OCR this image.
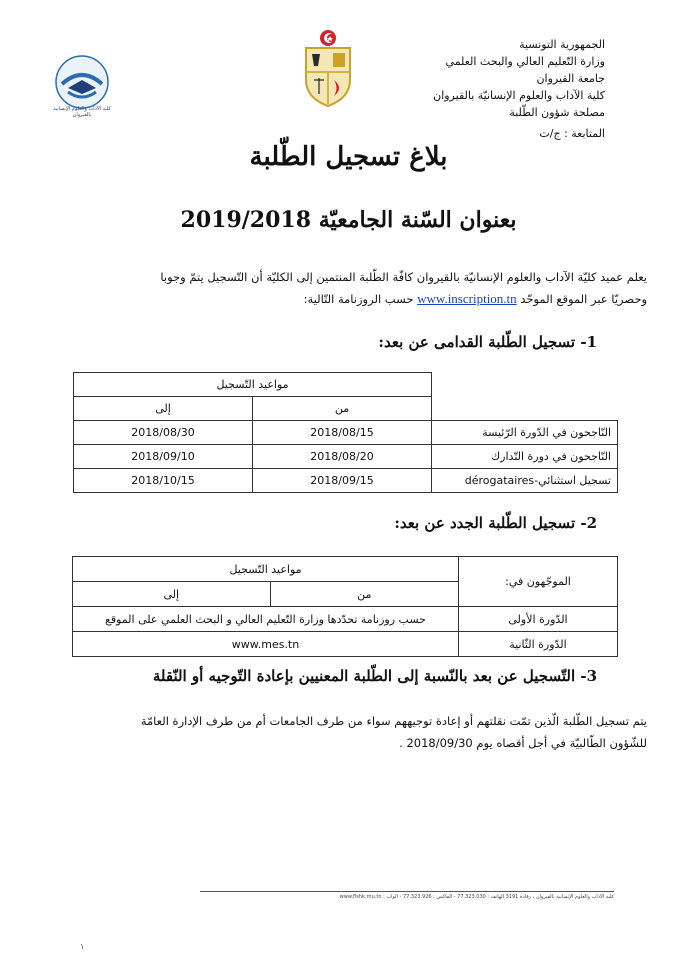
الجمهورية التونسية
وزارة التّعليم العالي والبحث العلمي
جامعة القيروان
كلية الآداب والعلوم الإنسانيّة بالقيروان
مصلحة شؤون الطّلبة
المتابعة : ج/ت
كلية الآداب والعلوم الإنسانية بالقيروان
بلاغ تسجيل الطّلبة
بعنوان السّنة الجامعيّة 2019/2018
يعلم عميد كليّة الآداب والعلوم الإنسانيّة بالقيروان كافّة الطّلبة المنتمين إلى الكليّة أن التّسجيل يتمّ وجوبا
وحصريّا عبر الموقع الموحّد www.inscription.tn حسب الروزنامة التّالية:
1- تسجيل الطّلبة القدامى عن بعد:
	مواعيد التّسجيل	
	من	إلى
النّاجحون في الدّورة الرّئيسة	2018/08/15	2018/08/30
النّاجحون في دورة التّدارك	2018/08/20	2018/09/10
تسجيل استثنائي-dérogataires	2018/09/15	2018/10/15
2- تسجيل الطّلبة الجدد عن بعد:
الموجّهون في:	مواعيد التّسجيل	
	من	إلى
الدّورة الأولى	حسب روزنامة تحدّدها وزارة التّعليم العالي و البحث العلمي على الموقع	
الدّورة الثّانية	www.mes.tn	
3- التّسجيل عن بعد بالنّسبة إلى الطّلبة المعنيين بإعادة التّوجيه أو النّقلة
يتم تسجيل الطّلبة الّذين تمّت نقلتهم أو إعادة توجيههم سواء من طرف الجامعات أم من طرف الإدارة العامّة
للشّؤون الطّالبيّة في أجل أقصاه يوم 2018/09/30 .
كلية الآداب والعلوم الإنسانية بالقيروان ، رقادة 3191 الهاتف : 77.323.030 - الفاكس : 77.323.926 - الواب : www.flshk.rnu.tn
١
